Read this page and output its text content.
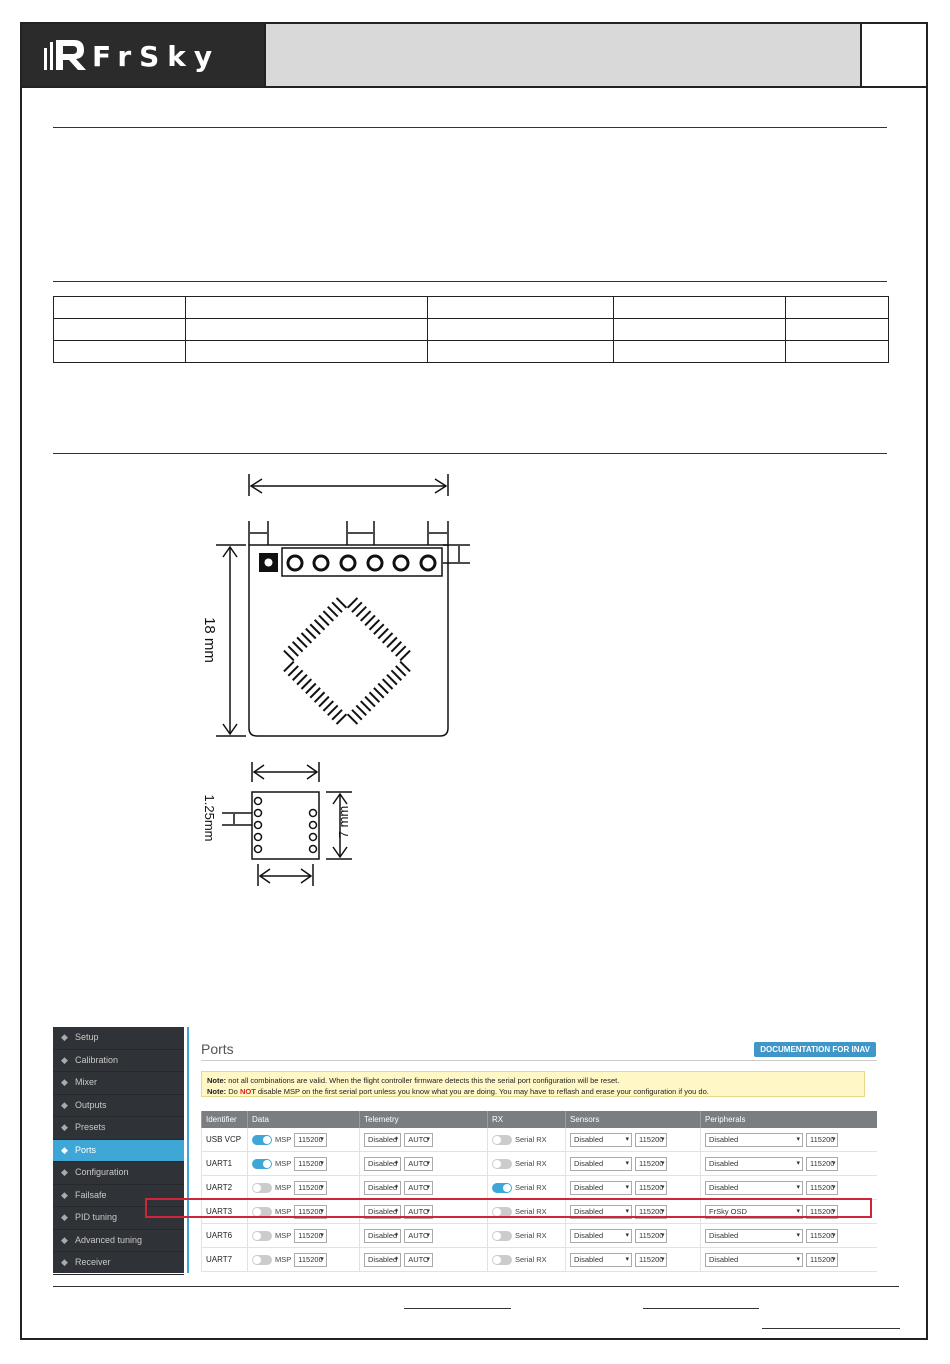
FrSky

18 mm
1.25mm	7 mm
◆ Setup
◆ Calibration
◆ Mixer
◆ Outputs
◆ Presets
◆ Ports
◆ Configuration
◆ Failsafe
◆ PID tuning
◆ Advanced tuning
◆ Receiver
Ports	DOCUMENTATION FOR INAV
Note: not all combinations are valid. When the flight controller firmware detects this the serial port configuration will be reset.
Note: Do NOT disable MSP on the first serial port unless you know what you are doing. You may have to reflash and erase your configuration if you do.
Identifier	Data	Telemetry	RX	Sensors	Peripherals
USB VCP	MSP 115200 ▾	Disabled ▾	AUTO ▾	Serial RX	Disabled ▾	115200 ▾	Disabled ▾	115200 ▾
UART1	MSP 115200 ▾	Disabled ▾	AUTO ▾	Serial RX	Disabled ▾	115200 ▾	Disabled ▾	115200 ▾
UART2	MSP 115200 ▾	Disabled ▾	AUTO ▾	Serial RX	Disabled ▾	115200 ▾	Disabled ▾	115200 ▾
UART3	MSP 115200 ▾	Disabled ▾	AUTO ▾	Serial RX	Disabled ▾	115200 ▾	FrSky OSD ▾	115200 ▾
UART6	MSP 115200 ▾	Disabled ▾	AUTO ▾	Serial RX	Disabled ▾	115200 ▾	Disabled ▾	115200 ▾
UART7	MSP 115200 ▾	Disabled ▾	AUTO ▾	Serial RX	Disabled ▾	115200 ▾	Disabled ▾	115200 ▾
